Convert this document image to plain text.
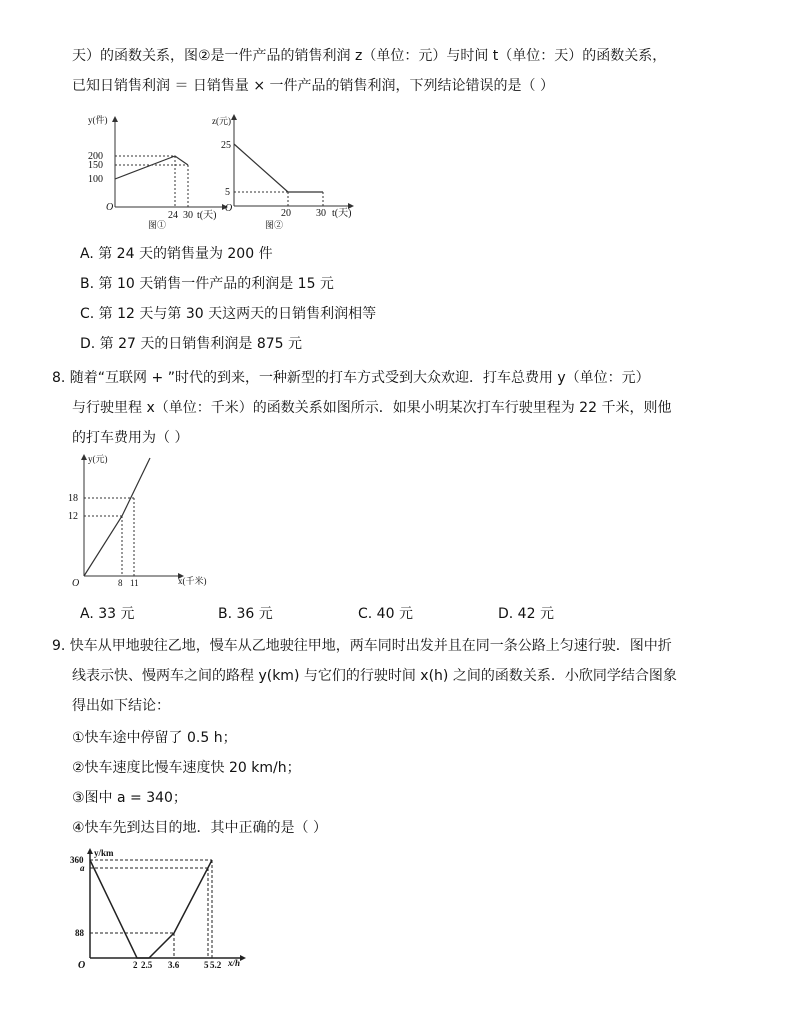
天）的函数关系，图②是一件产品的销售利润 z（单位：元）与时间 t（单位：天）的函数关系，
已知日销售利润 ＝ 日销售量 × 一件产品的销售利润，下列结论错误的是（ ）
y(件)
200
150
100
O
24 30 t(天)
图①
z(元)
25
5
O	20	30 t(天)
图②
A. 第 24 天的销售量为 200 件
B. 第 10 天销售一件产品的利润是 15 元
C. 第 12 天与第 30 天这两天的日销售利润相等
D. 第 27 天的日销售利润是 875 元
8. 随着“互联网 + ”时代的到来，一种新型的打车方式受到大众欢迎．打车总费用 y（单位：元）
与行驶里程 x（单位：千米）的函数关系如图所示．如果小明某次打车行驶里程为 22 千米，则他
的打车费用为（ ）
y(元)
18
12
O	8 11	x(千米)
A. 33 元	B. 36 元	C. 40 元	D. 42 元
9. 快车从甲地驶往乙地，慢车从乙地驶往甲地，两车同时出发并且在同一条公路上匀速行驶．图中折
线表示快、慢两车之间的路程 y(km) 与它们的行驶时间 x(h) 之间的函数关系．小欣同学结合图象
得出如下结论：
①快车途中停留了 0.5 h；
②快车速度比慢车速度快 20 km/h；
③图中 a = 340；
④快车先到达目的地．其中正确的是（ ）
y/km
360
a
88
O	2 2.5 3.6	5 5.2 x/h
